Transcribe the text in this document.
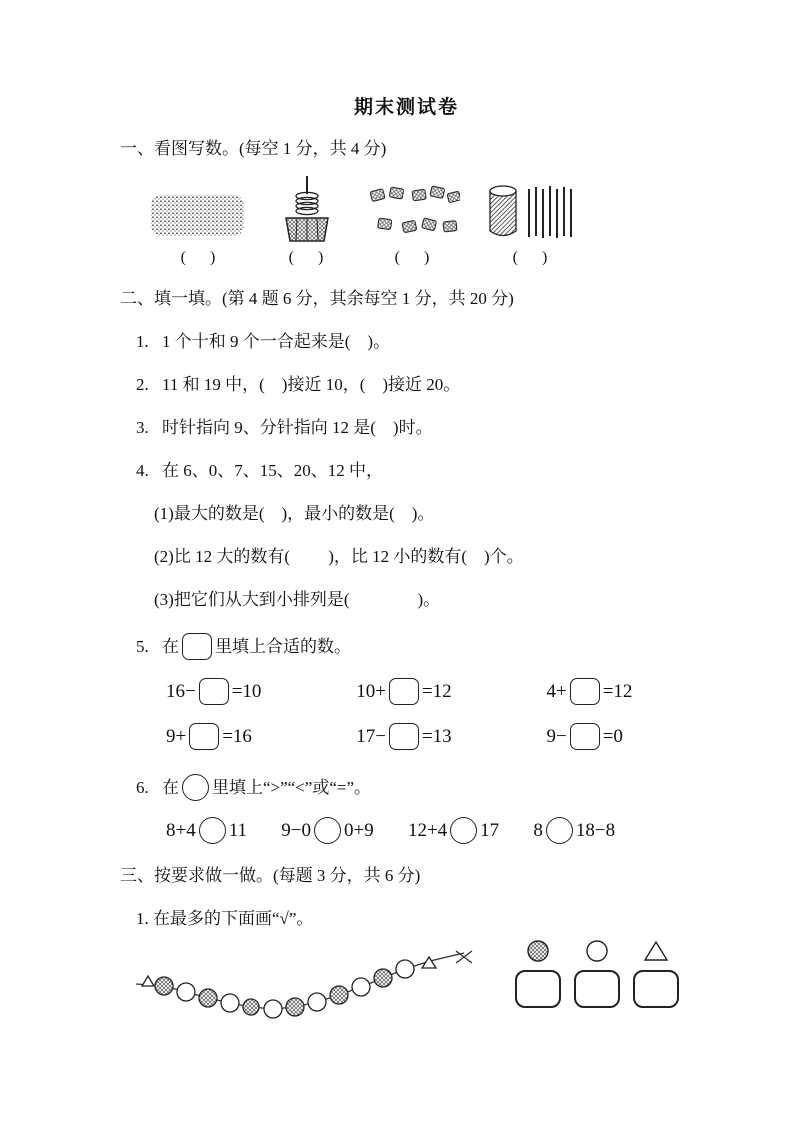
期末测试卷
一、看图写数。(每空 1 分，共 4 分)
(      )	(      )	(      )	(      )
二、填一填。(第 4 题 6 分，其余每空 1 分，共 20 分)
1. 1 个十和 9 个一合起来是(    )。
2. 11 和 19 中，(    )接近 10，(    )接近 20。
3. 时针指向 9、分针指向 12 是(    )时。
4. 在 6、0、7、15、20、12 中，
(1)最大的数是(    )，最小的数是(    )。
(2)比 12 大的数有(         )，比 12 小的数有(    )个。
(3)把它们从大到小排列是(                )。
5. 在 里填上合适的数。
16− =10	10+ =12	4+ =12
9+ =16	17− =13	9− =0
6. 在 里填上“>”“<”或“=”。
8+4 11 9−0 0+9 12+4 17 8 18−8
三、按要求做一做。(每题 3 分，共 6 分)
1. 在最多的下面画“√”。
